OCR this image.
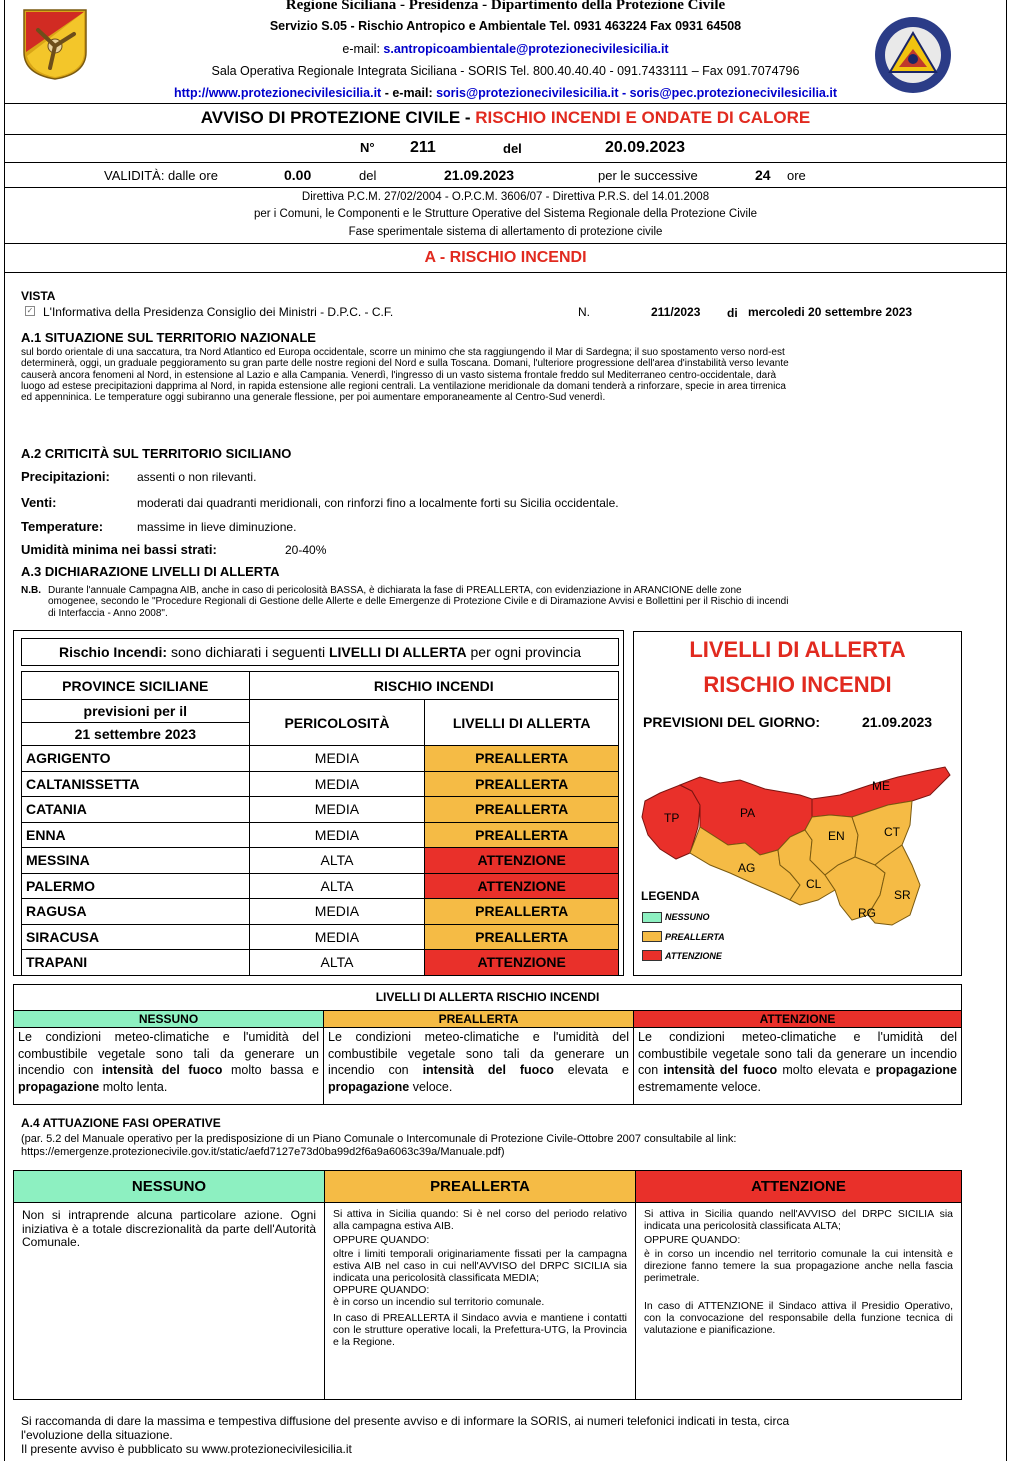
Regione Siciliana - Presidenza - Dipartimento della Protezione Civile
Servizio S.05 - Rischio Antropico e Ambientale Tel. 0931 463224 Fax 0931 64508
e-mail: s.antropicoambientale@protezionecivilesicilia.it
Sala Operativa Regionale Integrata Siciliana - SORIS Tel. 800.40.40.40 - 091.7433111 – Fax 091.7074796
http://www.protezionecivilesicilia.it - e-mail: soris@protezionecivilesicilia.it - soris@pec.protezionecivilesicilia.it
AVVISO DI PROTEZIONE CIVILE - RISCHIO INCENDI E ONDATE DI CALORE
N° 211	del	20.09.2023
VALIDITÀ: dalle ore	0.00	del	21.09.2023	per le successive	24 ore
Direttiva P.C.M. 27/02/2004 - O.P.C.M. 3606/07 - Direttiva P.R.S. del 14.01.2008
per i Comuni, le Componenti e le Strutture Operative del Sistema Regionale della Protezione Civile
Fase sperimentale sistema di allertamento di protezione civile
A - RISCHIO INCENDI
VISTA
✓ L'Informativa della Presidenza Consiglio dei Ministri - D.P.C. - C.F.	N.	211/2023 di mercoledi 20 settembre 2023
A.1 SITUAZIONE SUL TERRITORIO NAZIONALE
sul bordo orientale di una saccatura, tra Nord Atlantico ed Europa occidentale, scorre un minimo che sta raggiungendo il Mar di Sardegna; il suo spostamento verso nord-est
determinerà, oggi, un graduale peggioramento su gran parte delle nostre regioni del Nord e sulla Toscana. Domani, l'ulteriore progressione dell'area d'instabilità verso levante
causerà ancora fenomeni al Nord, in estensione al Lazio e alla Campania. Venerdì, l'ingresso di un vasto sistema frontale freddo sul Mediterraneo centro-occidentale, darà
luogo ad estese precipitazioni dapprima al Nord, in rapida estensione alle regioni centrali. La ventilazione meridionale da domani tenderà a rinforzare, specie in area tirrenica
ed appenninica. Le temperature oggi subiranno una generale flessione, per poi aumentare emporaneamente al Centro-Sud venerdì.
A.2 CRITICITÀ SUL TERRITORIO SICILIANO
Precipitazioni: assenti o non rilevanti.
Venti:	moderati dai quadranti meridionali, con rinforzi fino a localmente forti su Sicilia occidentale.
Temperature:	massime in lieve diminuzione.
Umidità minima nei bassi strati:	20-40%
A.3 DICHIARAZIONE LIVELLI DI ALLERTA
N.B. Durante l'annuale Campagna AIB, anche in caso di pericolosità BASSA, è dichiarata la fase di PREALLERTA, con evidenziazione in ARANCIONE delle zone
omogenee, secondo le "Procedure Regionali di Gestione delle Allerte e delle Emergenze di Protezione Civile e di Diramazione Avvisi e Bollettini per il Rischio di incendi
di Interfaccia - Anno 2008".
Rischio Incendi: sono dichiarati i seguenti LIVELLI DI ALLERTA per ogni provincia
PROVINCE SICILIANE	RISCHIO INCENDI	

previsioni per il
21 settembre 2023	PERICOLOSITÀ	LIVELLI DI ALLERTA
AGRIGENTO	MEDIA	PREALLERTA
CALTANISSETTA	MEDIA	PREALLERTA
CATANIA	MEDIA	PREALLERTA
ENNA	MEDIA	PREALLERTA
MESSINA	ALTA	ATTENZIONE
PALERMO	ALTA	ATTENZIONE
RAGUSA	MEDIA	PREALLERTA
SIRACUSA	MEDIA	PREALLERTA
TRAPANI	ALTA	ATTENZIONE
LIVELLI DI ALLERTA
RISCHIO INCENDI
PREVISIONI DEL GIORNO:	21.09.2023
TP	PA
ME
EN	CT
AG
CL
SR
RG
LEGENDA
NESSUNO
PREALLERTA
ATTENZIONE
LIVELLI DI ALLERTA RISCHIO INCENDI
NESSUNO
Le condizioni meteo-climatiche e l'umidità del combustibile vegetale sono tali da generare un incendio con intensità del fuoco molto bassa e propagazione molto lenta.
PREALLERTA
Le condizioni meteo-climatiche e l'umidità del combustibile vegetale sono tali da generare un incendio con intensità del fuoco elevata e propagazione veloce.
ATTENZIONE
Le condizioni meteo-climatiche e l'umidità del combustibile vegetale sono tali da generare un incendio con intensità del fuoco molto elevata e propagazione estremamente veloce.
A.4 ATTUAZIONE FASI OPERATIVE
(par. 5.2 del Manuale operativo per la predisposizione di un Piano Comunale o Intercomunale di Protezione Civile-Ottobre 2007 consultabile al link:
https://emergenze.protezionecivile.gov.it/static/aefd7127e73d0ba99d2f6a9a6063c39a/Manuale.pdf)
NESSUNO
Non si intraprende alcuna particolare azione. Ogni iniziativa è a totale discrezionalità da parte dell'Autorità Comunale.
PREALLERTA
Si attiva in Sicilia quando: Si è nel corso del periodo relativo alla campagna estiva AIB.
OPPURE QUANDO:
oltre i limiti temporali originariamente fissati per la campagna estiva AIB nel caso in cui nell'AVVISO del DRPC SICILIA sia indicata una pericolosità classificata MEDIA;
OPPURE QUANDO:
è in corso un incendio sul territorio comunale.
In caso di PREALLERTA il Sindaco avvia e mantiene i contatti con le strutture operative locali, la Prefettura-UTG, la Provincia e la Regione.
ATTENZIONE
Si attiva in Sicilia quando nell'AVVISO del DRPC SICILIA sia indicata una pericolosità classificata ALTA;
OPPURE QUANDO:
è in corso un incendio nel territorio comunale la cui intensità e direzione fanno temere la sua propagazione anche nella fascia perimetrale.
In caso di ATTENZIONE il Sindaco attiva il Presidio Operativo, con la convocazione del responsabile della funzione tecnica di valutazione e pianificazione.
Si raccomanda di dare la massima e tempestiva diffusione del presente avviso e di informare la SORIS, ai numeri telefonici indicati in testa, circa
l'evoluzione della situazione.
Il presente avviso è pubblicato su www.protezionecivilesicilia.it
